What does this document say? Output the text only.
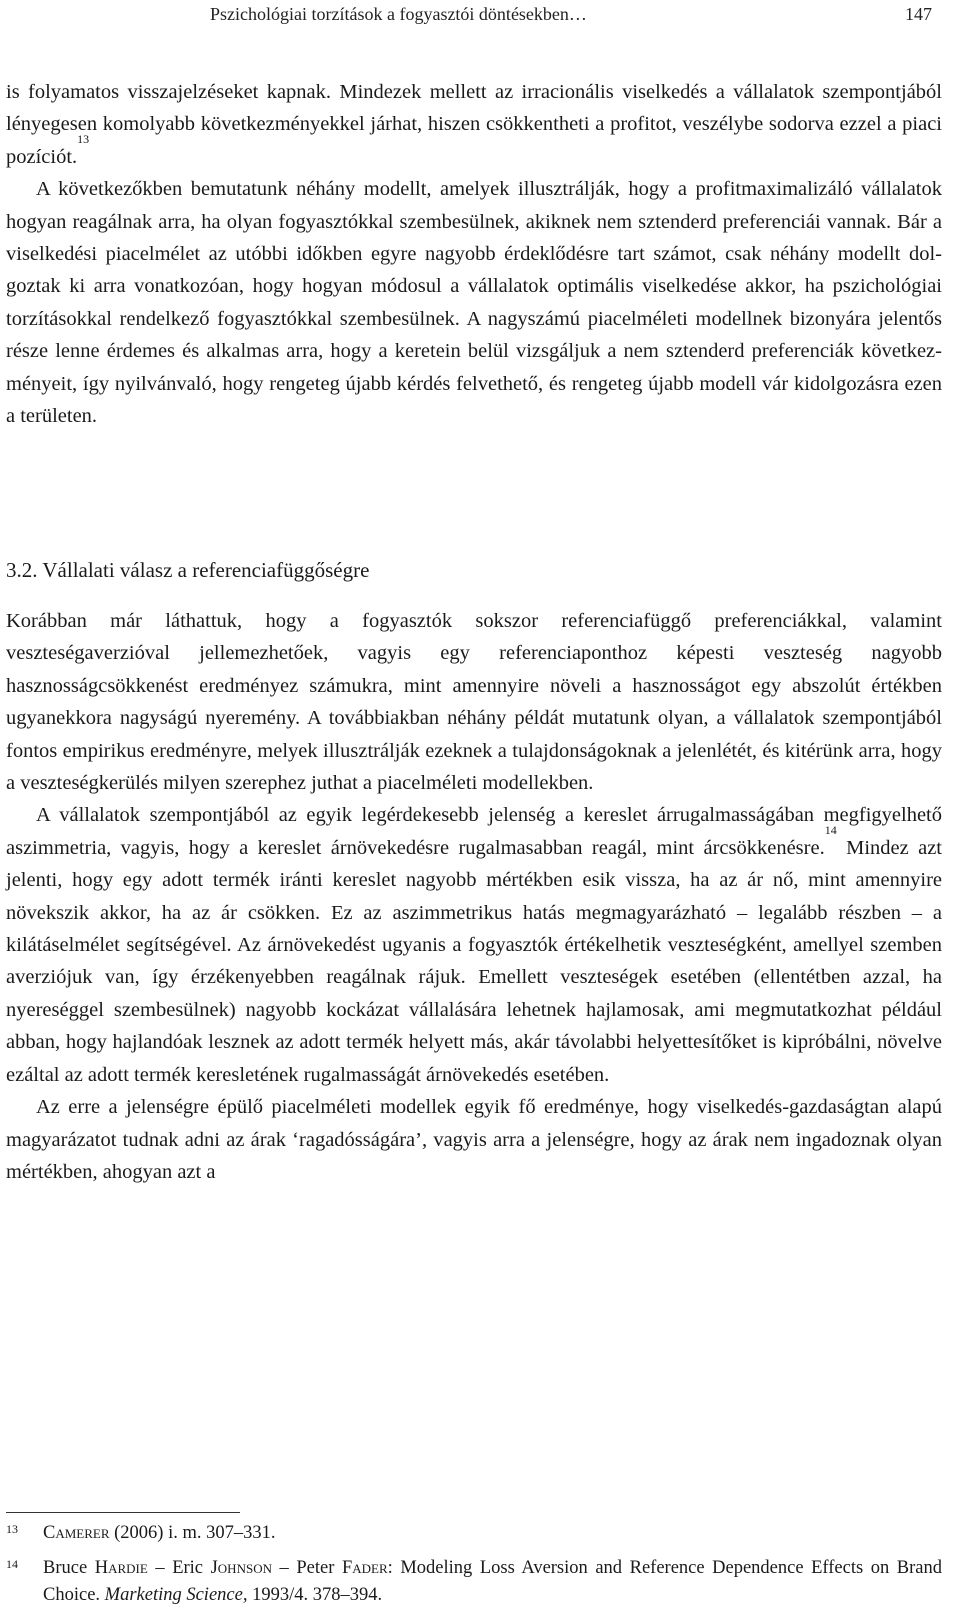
Pszichológiai torzítások a fogyasztói döntésekben…	147

is folyamatos visszajelzéseket kapnak. Mindezek mellett az irracionális viselkedés a vállalatok szempontjából lényegesen komolyabb következményekkel járhat, hiszen csökkentheti a profitot, veszélybe sodorva ezzel a piaci pozíciót.$^{13}$

A következőkben bemutatunk néhány modellt, amelyek illusztrálják, hogy a profitmaximalizáló vállalatok hogyan reagálnak arra, ha olyan fogyasztókkal szembesülnek, akiknek nem sztenderd preferenciái vannak. Bár a viselkedési piacelmélet az utóbbi időkben egyre nagyobb érdeklődésre tart számot, csak néhány modellt dolgoztak ki arra vonatkozóan, hogy hogyan módosul a vállalatok optimális viselkedése akkor, ha pszichológiai torzításokkal rendelkező fogyasztókkal szembesülnek. A nagyszámú piacelméleti modellnek bizonyára jelentős része lenne érdemes és alkalmas arra, hogy a keretein belül vizsgáljuk a nem sztenderd preferenciák következményeit, így nyilvánvaló, hogy rengeteg újabb kérdés felvethető, és rengeteg újabb modell vár kidolgozásra ezen a területen.

3.2. Vállalati válasz a referenciafüggőségre

Korábban már láthattuk, hogy a fogyasztók sokszor referenciafüggő preferenciákkal, valamint veszteségaverzióval jellemezhetőek, vagyis egy referenciaponthoz képesti veszteség nagyobb hasznosságcsökkenést eredményez számukra, mint amennyire növeli a hasznosságot egy abszolút értékben ugyanekkora nagyságú nyeremény. A továbbiakban néhány példát mutatunk olyan, a vállalatok szempontjából fontos empirikus eredményre, melyek illusztrálják ezeknek a tulajdonságoknak a jelenlétét, és kitérünk arra, hogy a veszteségkerülés milyen szerephez juthat a piacelméleti modellekben.

A vállalatok szempontjából az egyik legérdekesebb jelenség a kereslet árrugalmasságában megfigyelhető aszimmetria, vagyis, hogy a kereslet árnövekedésre rugalmasabban reagál, mint árcsökkenésre.$^{14}$ Mindez azt jelenti, hogy egy adott termék iránti kereslet nagyobb mértékben esik vissza, ha az ár nő, mint amennyire növekszik akkor, ha az ár csökken. Ez az aszimmetrikus hatás megmagyarázható – legalább részben – a kilátáselmélet segítségével. Az árnövekedést ugyanis a fogyasztók értékelhetik veszteségként, amellyel szemben averziójuk van, így érzékenyebben reagálnak rájuk. Emellett veszteségek esetében (ellentétben azzal, ha nyereséggel szembesülnek) nagyobb kockázat vállalására lehetnek hajlamosak, ami megmutatkozhat például abban, hogy hajlandóak lesznek az adott termék helyett más, akár távolabbi helyettesítőket is kipróbálni, növelve ezáltal az adott termék keresletének rugalmasságát árnövekedés esetében.

Az erre a jelenségre épülő piacelméleti modellek egyik fő eredménye, hogy viselkedés-gazdaságtan alapú magyarázatot tudnak adni az árak ‘ragadósságára’, vagyis arra a jelenségre, hogy az árak nem ingadoznak olyan mértékben, ahogyan azt a

13	Camerer (2006) i. m. 307–331.
14	Bruce Hardie – Eric Johnson – Peter Fader: Modeling Loss Aversion and Reference Dependence Effects on Brand Choice. Marketing Science, 1993/4. 378–394.
